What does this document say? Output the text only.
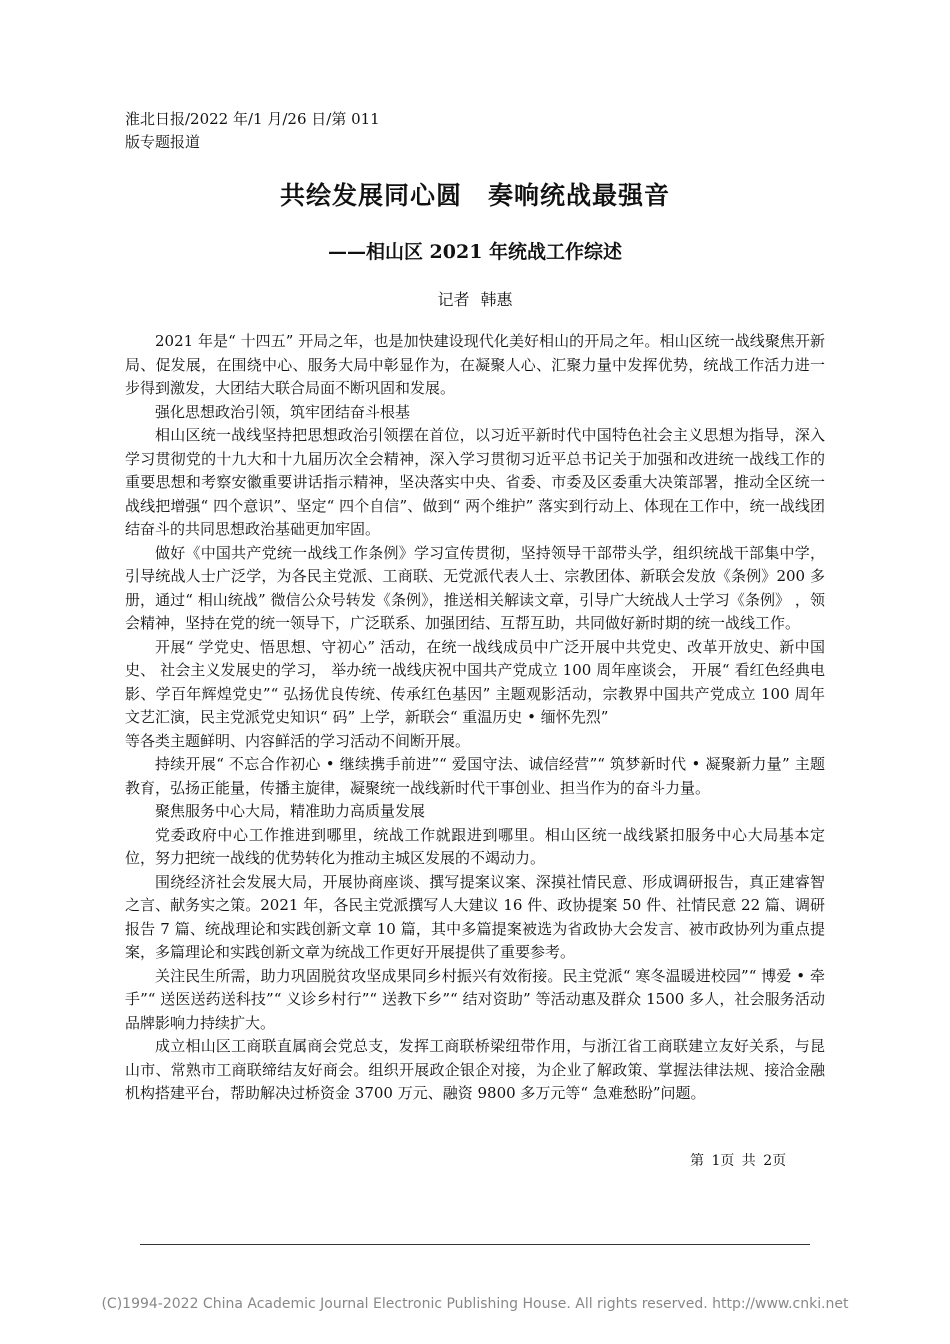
淮北日报/2022 年/1 月/26 日/第 011
版专题报道
共绘发展同心圆　奏响统战最强音
——相山区 2021 年统战工作综述
记者 韩惠

2021 年是“ 十四五” 开局之年，也是加快建设现代化美好相山的开局之年。相山区统一战线聚焦开新局、促发展，在围绕中心、服务大局中彰显作为，在凝聚人心、汇聚力量中发挥优势，统战工作活力进一步得到激发，大团结大联合局面不断巩固和发展。

强化思想政治引领，筑牢团结奋斗根基

相山区统一战线坚持把思想政治引领摆在首位，以习近平新时代中国特色社会主义思想为指导，深入学习贯彻党的十九大和十九届历次全会精神，深入学习贯彻习近平总书记关于加强和改进统一战线工作的重要思想和考察安徽重要讲话指示精神，坚决落实中央、省委、市委及区委重大决策部署，推动全区统一战线把增强“ 四个意识”、坚定“ 四个自信”、做到“ 两个维护” 落实到行动上、体现在工作中，统一战线团结奋斗的共同思想政治基础更加牢固。

做好《中国共产党统一战线工作条例》学习宣传贯彻，坚持领导干部带头学，组织统战干部集中学，引导统战人士广泛学，为各民主党派、工商联、无党派代表人士、宗教团体、新联会发放《条例》200 多册，通过“ 相山统战” 微信公众号转发《条例》，推送相关解读文章，引导广大统战人士学习《条例》 ，领会精神，坚持在党的统一领导下，广泛联系、加强团结、互帮互助，共同做好新时期的统一战线工作。

开展“ 学党史、悟思想、守初心” 活动，在统一战线成员中广泛开展中共党史、改革开放史、新中国史、 社会主义发展史的学习， 举办统一战线庆祝中国共产党成立 100 周年座谈会， 开展“ 看红色经典电影、学百年辉煌党史”“ 弘扬优良传统、传承红色基因” 主题观影活动，宗教界中国共产党成立 100 周年文艺汇演，民主党派党史知识“ 码” 上学，新联会“ 重温历史 • 缅怀先烈”

等各类主题鲜明、内容鲜活的学习活动不间断开展。

持续开展“ 不忘合作初心 • 继续携手前进”“ 爱国守法、诚信经营”“ 筑梦新时代 • 凝聚新力量” 主题教育，弘扬正能量，传播主旋律，凝聚统一战线新时代干事创业、担当作为的奋斗力量。

聚焦服务中心大局，精准助力高质量发展

党委政府中心工作推进到哪里，统战工作就跟进到哪里。相山区统一战线紧扣服务中心大局基本定位，努力把统一战线的优势转化为推动主城区发展的不竭动力。

围绕经济社会发展大局，开展协商座谈、撰写提案议案、深摸社情民意、形成调研报告，真正建睿智之言、献务实之策。2021 年，各民主党派撰写人大建议 16 件、政协提案 50 件、社情民意 22 篇、调研报告 7 篇、统战理论和实践创新文章 10 篇，其中多篇提案被选为省政协大会发言、被市政协列为重点提案，多篇理论和实践创新文章为统战工作更好开展提供了重要参考。

关注民生所需，助力巩固脱贫攻坚成果同乡村振兴有效衔接。民主党派“ 寒冬温暖进校园”“ 博爱 • 牵手”“ 送医送药送科技”“ 义诊乡村行”“ 送教下乡”“ 结对资助” 等活动惠及群众 1500 多人，社会服务活动品牌影响力持续扩大。

成立相山区工商联直属商会党总支，发挥工商联桥梁纽带作用，与浙江省工商联建立友好关系，与昆山市、常熟市工商联缔结友好商会。组织开展政企银企对接，为企业了解政策、掌握法律法规、接洽金融机构搭建平台，帮助解决过桥资金 3700 万元、融资 9800 多万元等“ 急难愁盼”问题。

第 1页 共 2页
(C)1994-2022 China Academic Journal Electronic Publishing House. All rights reserved. http://www.cnki.net
